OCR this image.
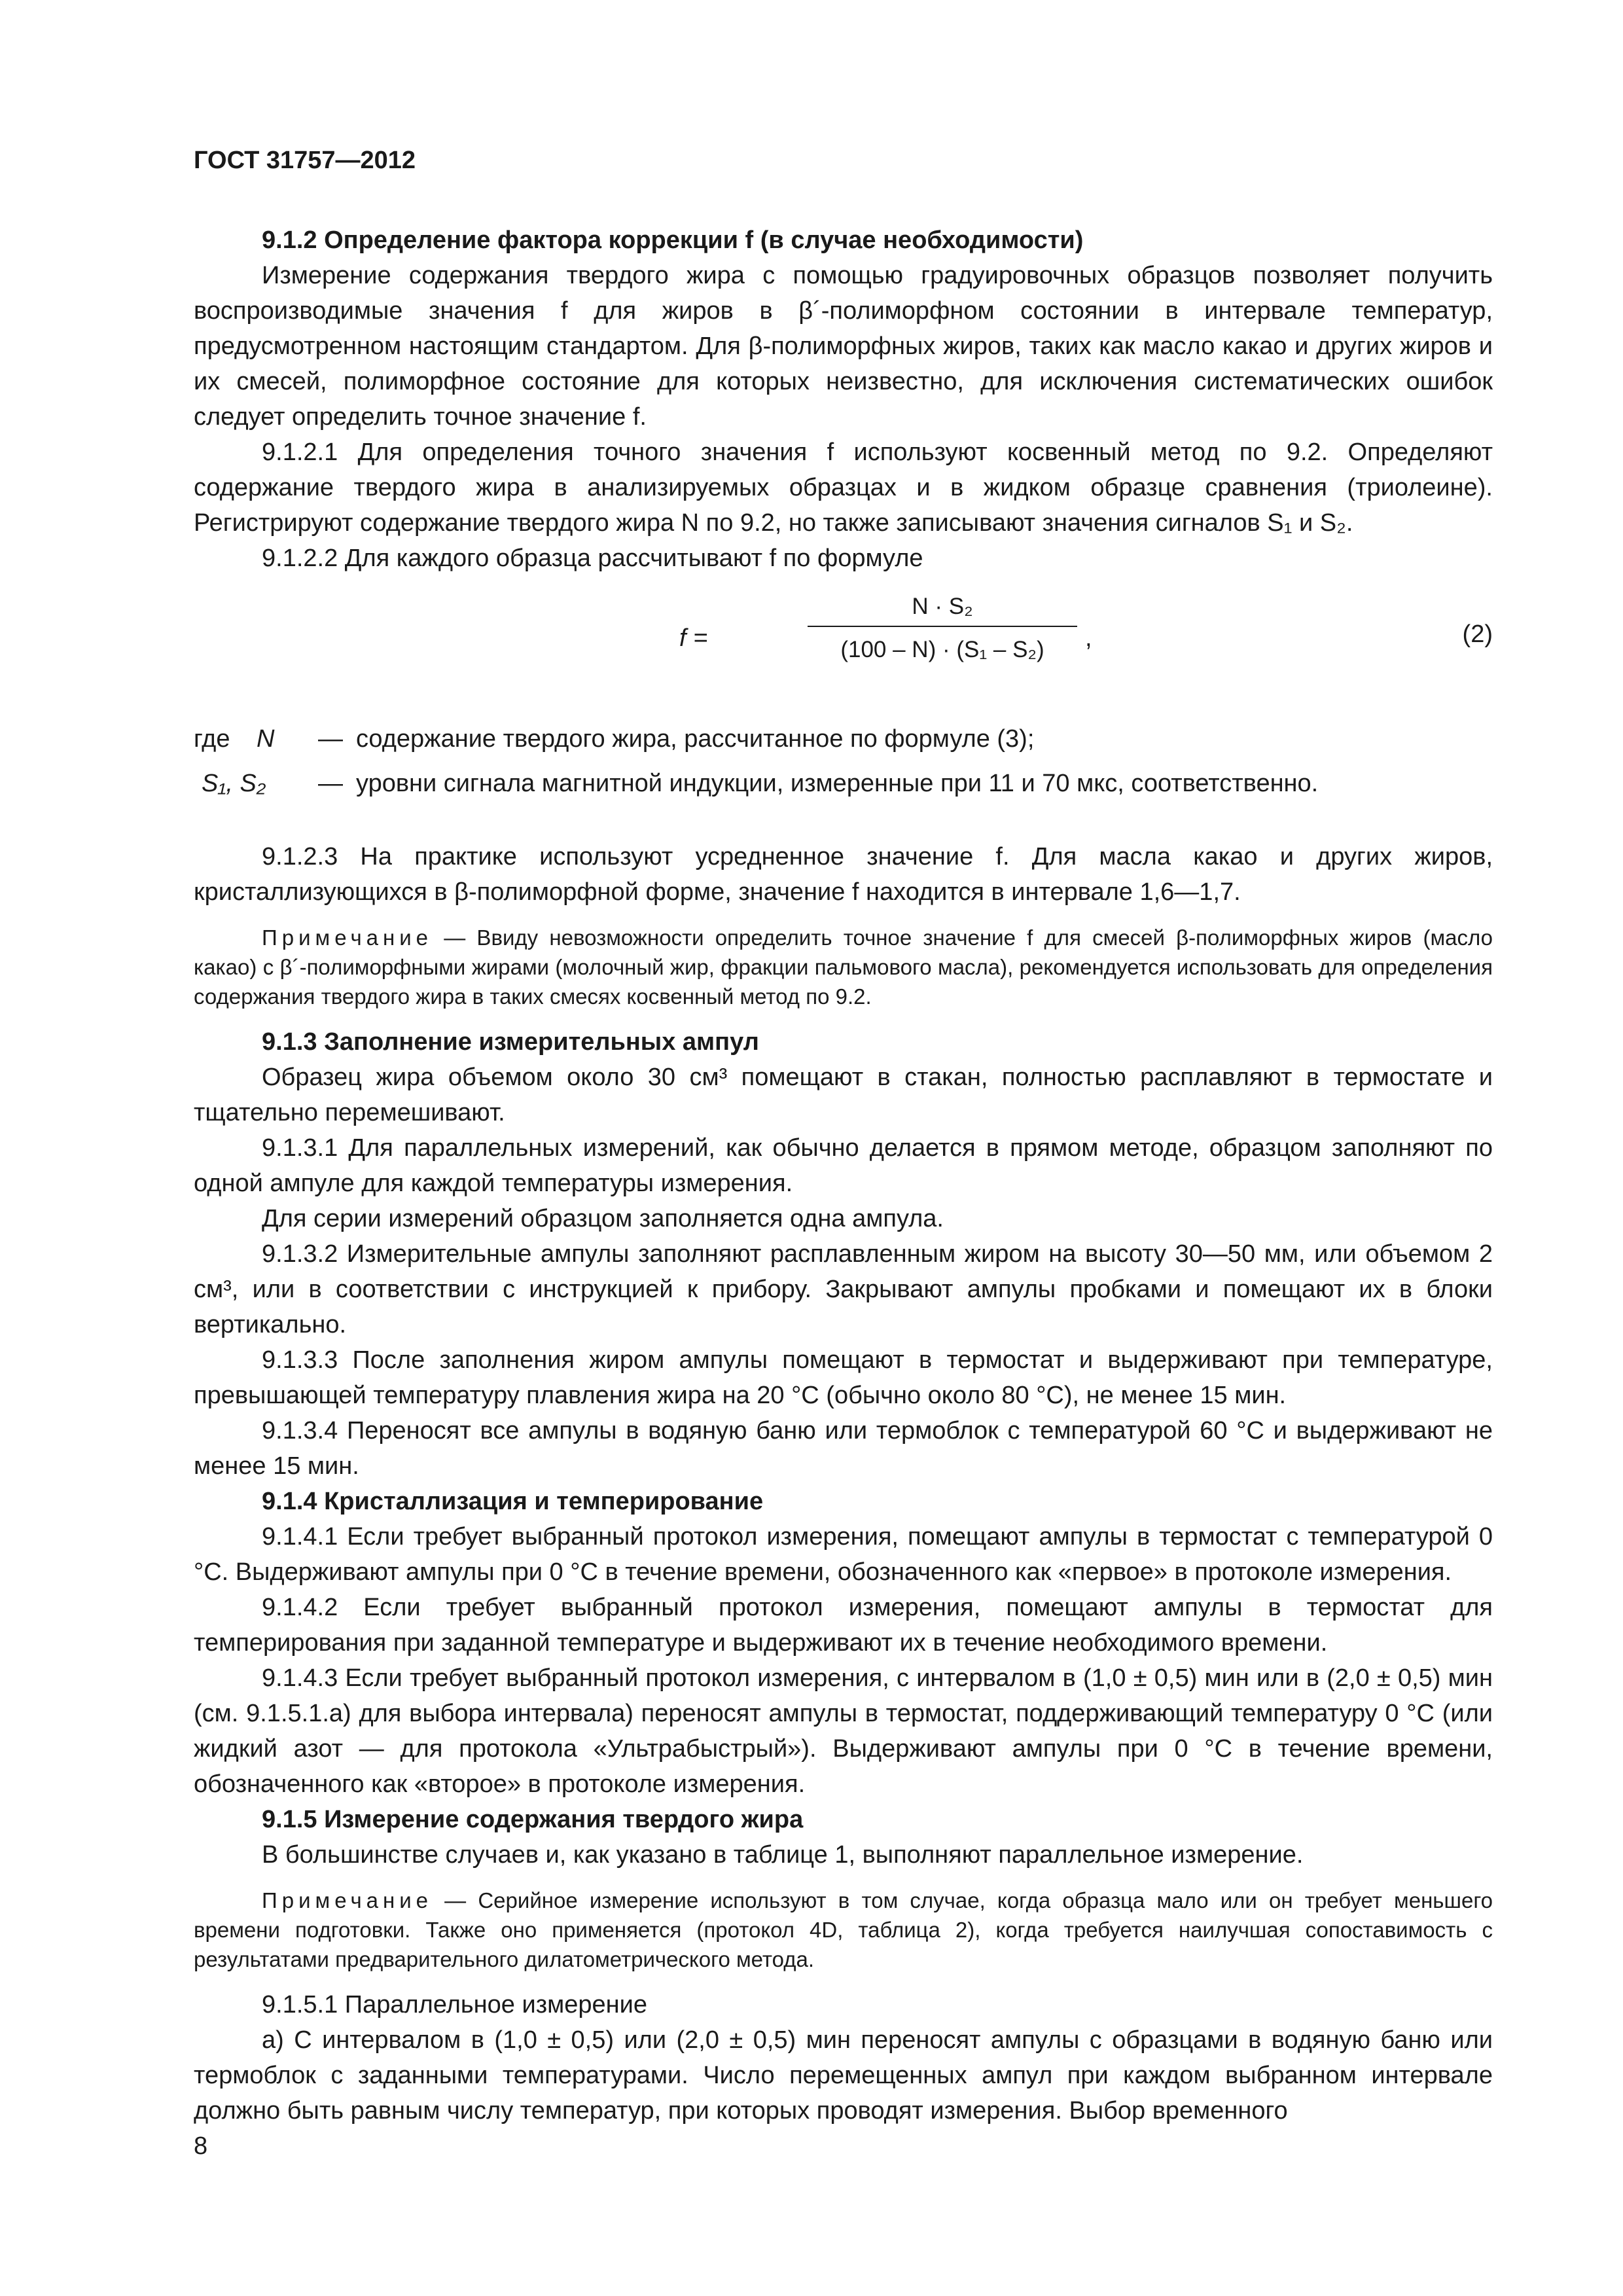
ГОСТ 31757—2012

9.1.2 Определение фактора коррекции f (в случае необходимости)

Измерение содержания твердого жира с помощью градуировочных образцов позволяет получить воспроизводимые значения f для жиров в β´-полиморфном состоянии в интервале температур, предусмотренном настоящим стандартом. Для β-полиморфных жиров, таких как масло какао и других жиров и их смесей, полиморфное состояние для которых неизвестно, для исключения систематических ошибок следует определить точное значение f.

9.1.2.1 Для определения точного значения f используют косвенный метод по 9.2. Определяют содержание твердого жира в анализируемых образцах и в жидком образце сравнения (триолеине). Регистрируют содержание твердого жира N по 9.2, но также записывают значения сигналов S₁ и S₂.

9.1.2.2 Для каждого образца рассчитывают f по формуле

f =
N · S₂
(100 – N) · (S₁ – S₂)	,	(2)
где N — содержание твердого жира, рассчитанное по формуле (3);
S₁, S₂ — уровни сигнала магнитной индукции, измеренные при 11 и 70 мкс, соответственно.

9.1.2.3 На практике используют усредненное значение f. Для масла какао и других жиров, кристаллизующихся в β-полиморфной форме, значение f находится в интервале 1,6—1,7.

Примечание — Ввиду невозможности определить точное значение f для смесей β-полиморфных жиров (масло какао) с β´-полиморфными жирами (молочный жир, фракции пальмового масла), рекомендуется использовать для определения содержания твердого жира в таких смесях косвенный метод по 9.2.

9.1.3 Заполнение измерительных ампул

Образец жира объемом около 30 см³ помещают в стакан, полностью расплавляют в термостате и тщательно перемешивают.

9.1.3.1 Для параллельных измерений, как обычно делается в прямом методе, образцом заполняют по одной ампуле для каждой температуры измерения.

Для серии измерений образцом заполняется одна ампула.

9.1.3.2 Измерительные ампулы заполняют расплавленным жиром на высоту 30—50 мм, или объемом 2 см³, или в соответствии с инструкцией к прибору. Закрывают ампулы пробками и помещают их в блоки вертикально.

9.1.3.3 После заполнения жиром ампулы помещают в термостат и выдерживают при температуре, превышающей температуру плавления жира на 20 °С (обычно около 80 °С), не менее 15 мин.

9.1.3.4 Переносят все ампулы в водяную баню или термоблок с температурой 60 °С и выдерживают не менее 15 мин.

9.1.4 Кристаллизация и темперирование

9.1.4.1 Если требует выбранный протокол измерения, помещают ампулы в термостат с температурой 0 °С. Выдерживают ампулы при 0 °С в течение времени, обозначенного как «первое» в протоколе измерения.

9.1.4.2 Если требует выбранный протокол измерения, помещают ампулы в термостат для темперирования при заданной температуре и выдерживают их в течение необходимого времени.

9.1.4.3 Если требует выбранный протокол измерения, с интервалом в (1,0 ± 0,5) мин или в (2,0 ± 0,5) мин (см. 9.1.5.1.а) для выбора интервала) переносят ампулы в термостат, поддерживающий температуру 0 °С (или жидкий азот — для протокола «Ультрабыстрый»). Выдерживают ампулы при 0 °С в течение времени, обозначенного как «второе» в протоколе измерения.

9.1.5 Измерение содержания твердого жира

В большинстве случаев и, как указано в таблице 1, выполняют параллельное измерение.

Примечание — Серийное измерение используют в том случае, когда образца мало или он требует меньшего времени подготовки. Также оно применяется (протокол 4D, таблица 2), когда требуется наилучшая сопоставимость с результатами предварительного дилатометрического метода.

9.1.5.1 Параллельное измерение

а) С интервалом в (1,0 ± 0,5) или (2,0 ± 0,5) мин переносят ампулы с образцами в водяную баню или термоблок с заданными температурами. Число перемещенных ампул при каждом выбранном интервале должно быть равным числу температур, при которых проводят измерения. Выбор временного

8
